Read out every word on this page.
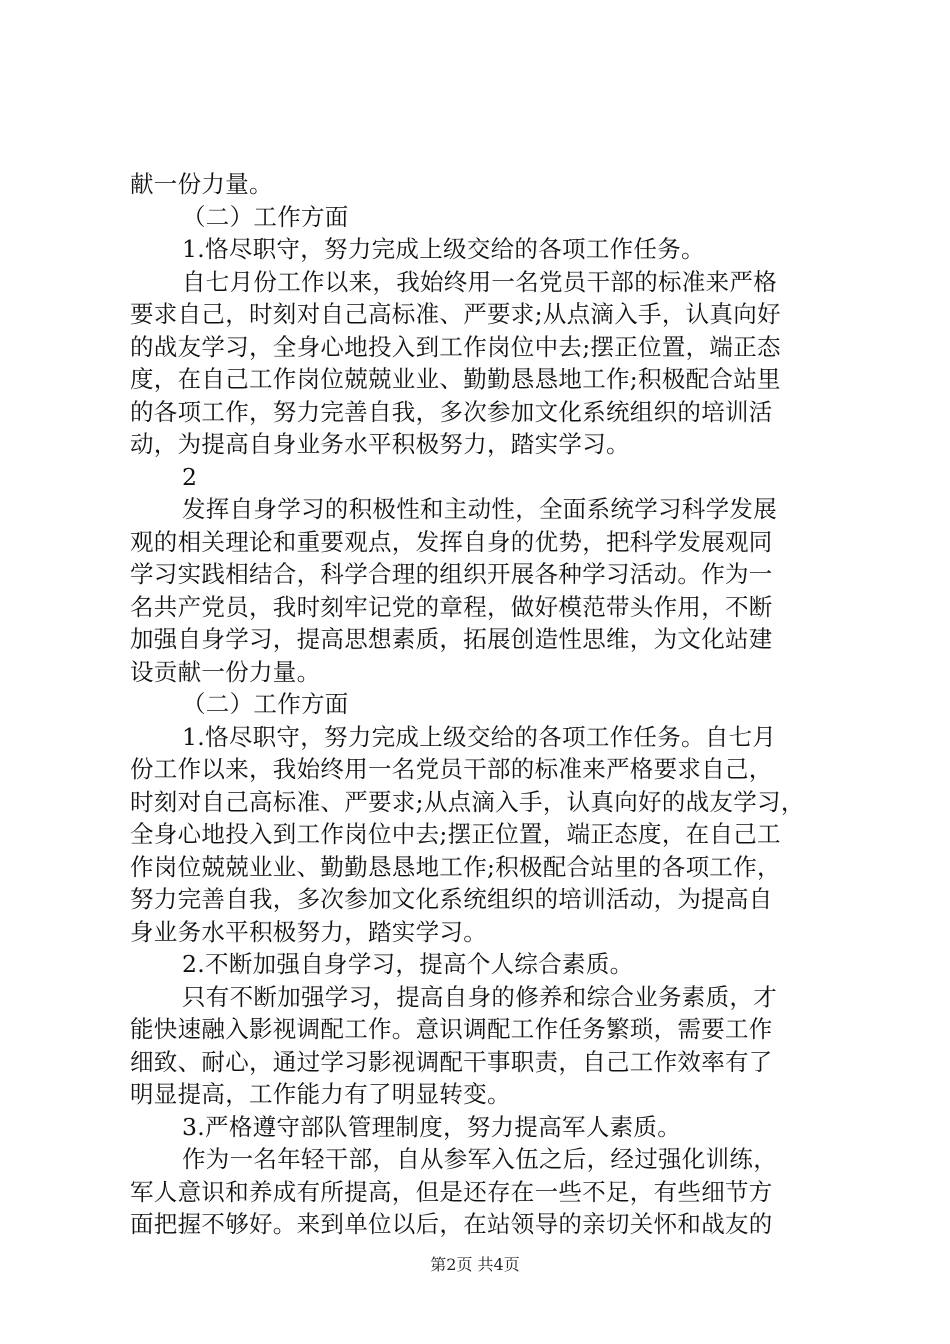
献一份力量。
（二）工作方面
1.恪尽职守，努力完成上级交给的各项工作任务。
自七月份工作以来，我始终用一名党员干部的标准来严格
要求自己，时刻对自己高标准、严要求;从点滴入手，认真向好
的战友学习，全身心地投入到工作岗位中去;摆正位置，端正态
度，在自己工作岗位兢兢业业、勤勤恳恳地工作;积极配合站里
的各项工作，努力完善自我，多次参加文化系统组织的培训活
动，为提高自身业务水平积极努力，踏实学习。
2
发挥自身学习的积极性和主动性，全面系统学习科学发展
观的相关理论和重要观点，发挥自身的优势，把科学发展观同
学习实践相结合，科学合理的组织开展各种学习活动。作为一
名共产党员，我时刻牢记党的章程，做好模范带头作用，不断
加强自身学习，提高思想素质，拓展创造性思维，为文化站建
设贡献一份力量。
（二）工作方面
1.恪尽职守，努力完成上级交给的各项工作任务。自七月
份工作以来，我始终用一名党员干部的标准来严格要求自己，
时刻对自己高标准、严要求;从点滴入手，认真向好的战友学习，
全身心地投入到工作岗位中去;摆正位置，端正态度，在自己工
作岗位兢兢业业、勤勤恳恳地工作;积极配合站里的各项工作，
努力完善自我，多次参加文化系统组织的培训活动，为提高自
身业务水平积极努力，踏实学习。
2.不断加强自身学习，提高个人综合素质。
只有不断加强学习，提高自身的修养和综合业务素质，才
能快速融入影视调配工作。意识调配工作任务繁琐，需要工作
细致、耐心，通过学习影视调配干事职责，自己工作效率有了
明显提高，工作能力有了明显转变。
3.严格遵守部队管理制度，努力提高军人素质。
作为一名年轻干部，自从参军入伍之后，经过强化训练，
军人意识和养成有所提高，但是还存在一些不足，有些细节方
面把握不够好。来到单位以后，在站领导的亲切关怀和战友的
第2页 共4页
